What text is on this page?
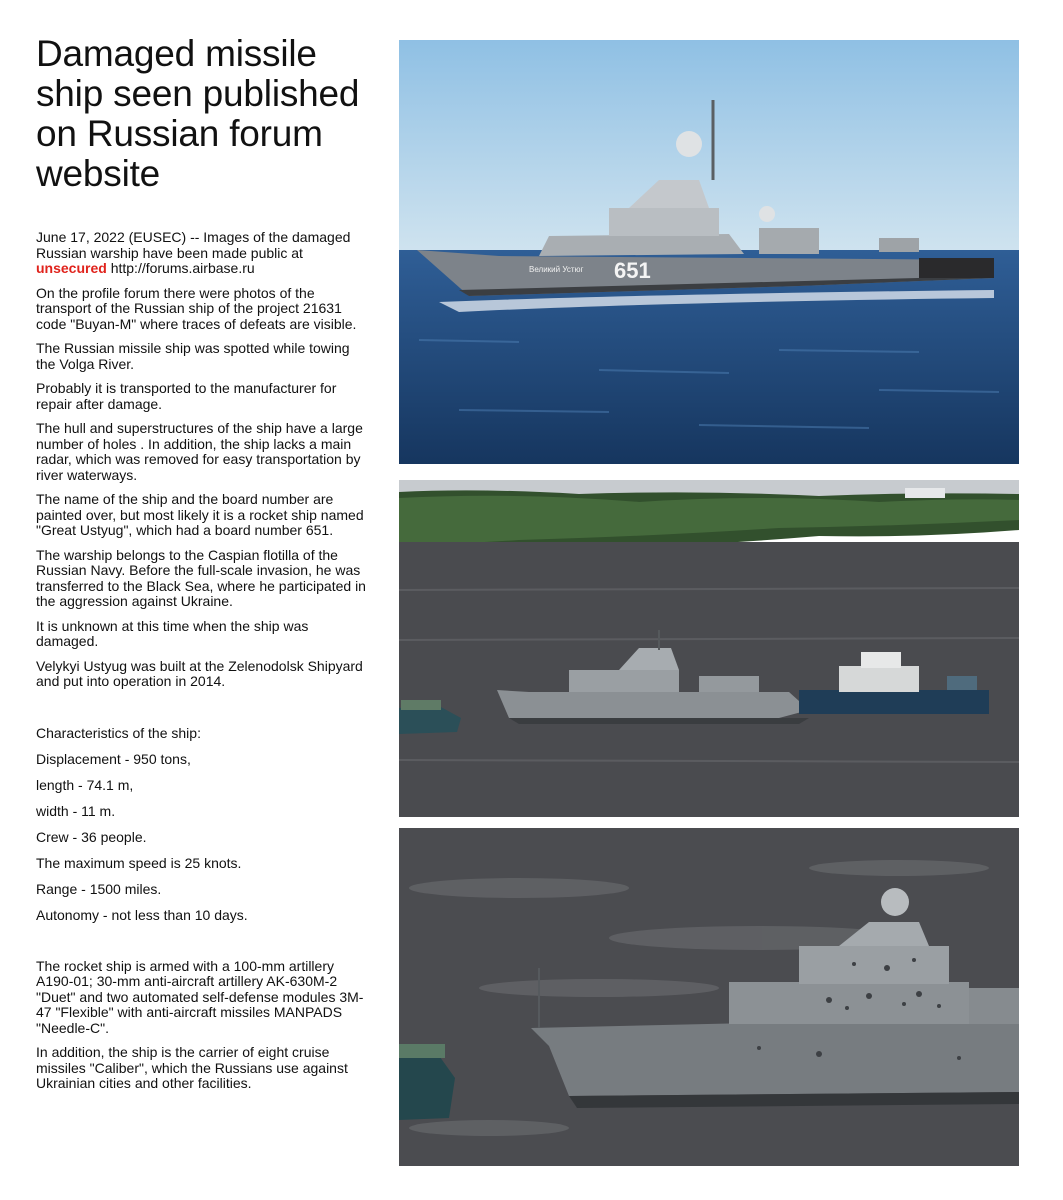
Damaged missile ship seen published on Russian forum website

June 17, 2022 (EUSEC) -- Images of the damaged Russian warship have been made public at unsecured http://forums.airbase.ru

On the profile forum there were photos of the transport of the Russian ship of the project 21631 code "Buyan-M" where traces of defeats are visible.

The Russian missile ship was spotted while towing the Volga River.

Probably it is transported to the manufacturer for repair after damage.

The hull and superstructures of the ship have a large number of holes . In addition, the ship lacks a main radar, which was removed for easy transportation by river waterways.

The name of the ship and the board number are painted over, but most likely it is a rocket ship named "Great Ustyug", which had a board number 651.

The warship belongs to the Caspian flotilla of the Russian Navy. Before the full-scale invasion, he was transferred to the Black Sea, where he participated in the aggression against Ukraine.

It is unknown at this time when the ship was damaged.

Velykyi Ustyug was built at the Zelenodolsk Shipyard and put into operation in 2014.

Characteristics of the ship:

Displacement - 950 tons,

length - 74.1 m,

width - 11 m.

Crew - 36 people.

The maximum speed is 25 knots.

Range - 1500 miles.

Autonomy - not less than 10 days.

The rocket ship is armed with a 100-mm artillery A190-01; 30-mm anti-aircraft artillery AK-630M-2 "Duet" and two automated self-defense modules 3M-47 "Flexible" with anti-aircraft missiles MANPADS "Needle-C".

In addition, the ship is the carrier of eight cruise missiles "Caliber", which the Russians use against Ukrainian cities and other facilities.

651
Великий Устюг
